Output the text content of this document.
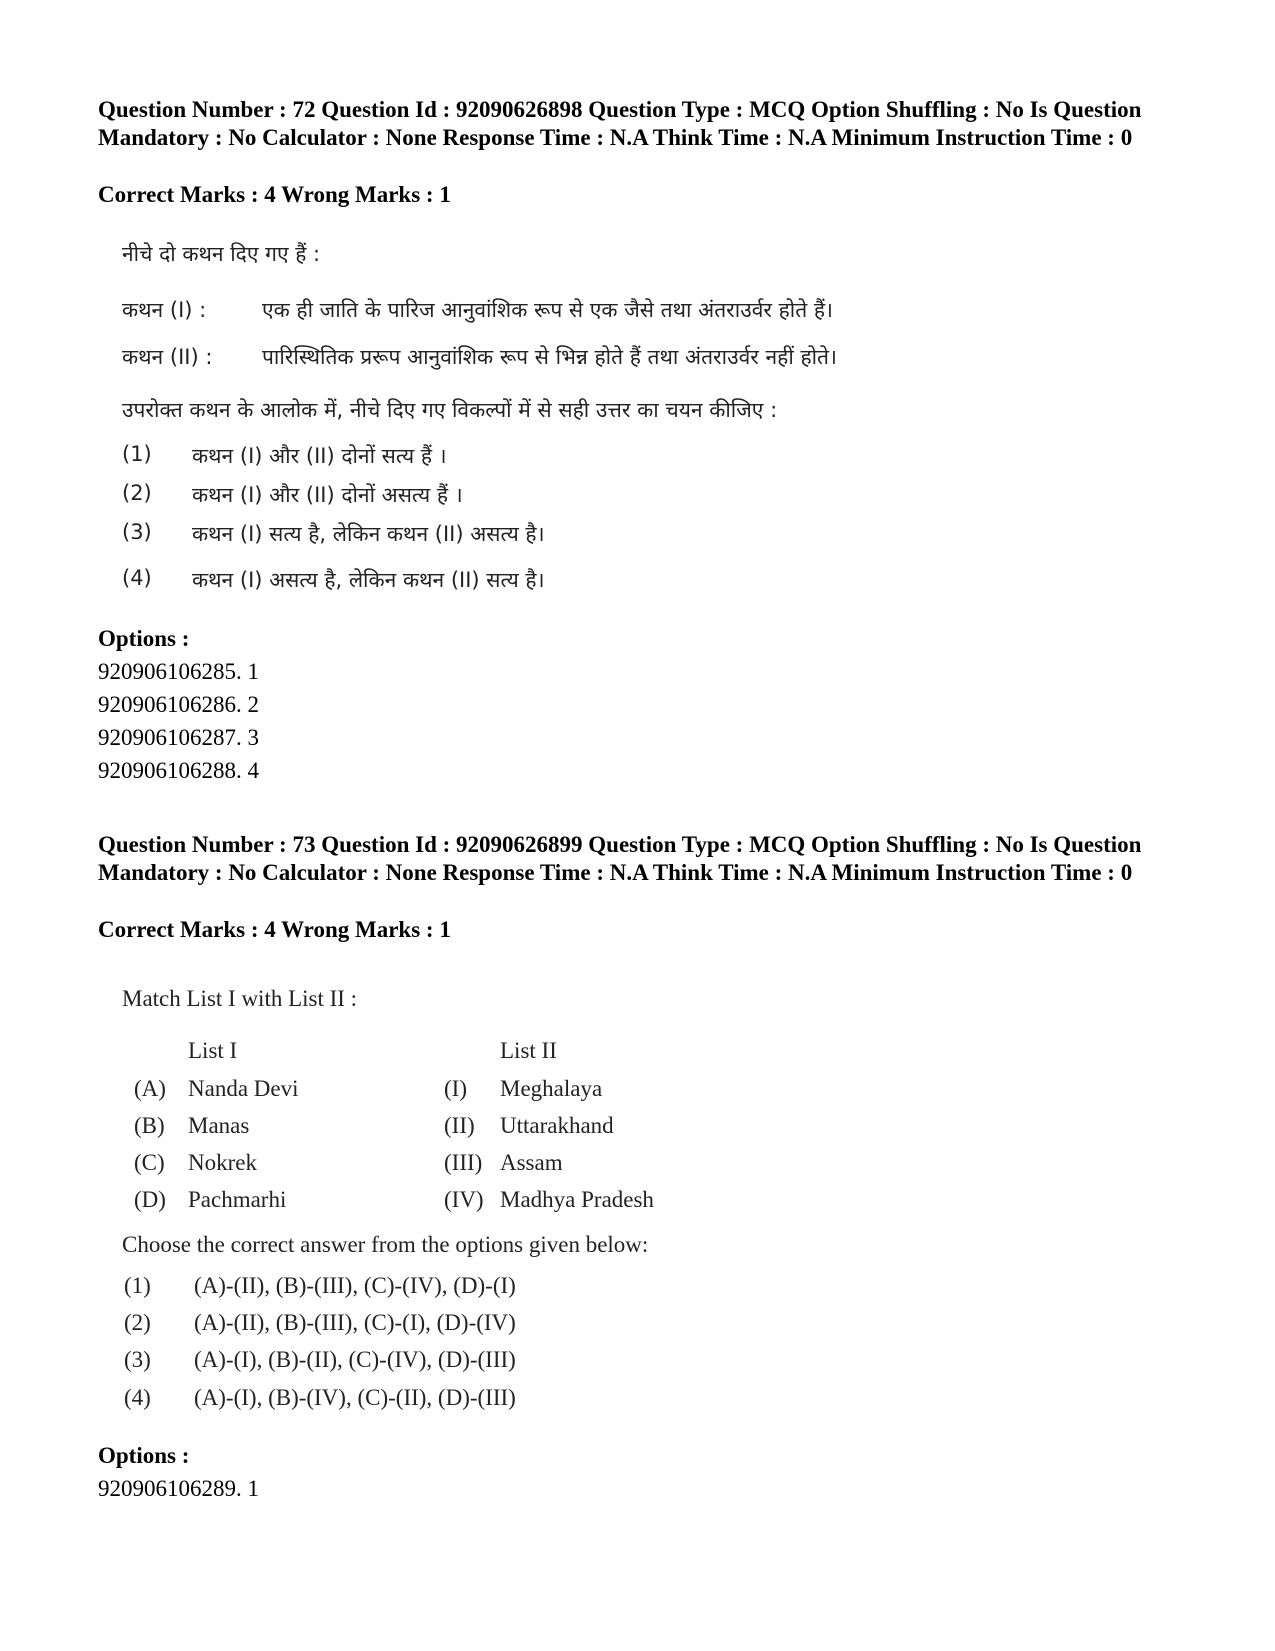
Question Number : 72 Question Id : 92090626898 Question Type : MCQ Option Shuffling : No Is Question Mandatory : No Calculator : None Response Time : N.A Think Time : N.A Minimum Instruction Time : 0
Correct Marks : 4 Wrong Marks : 1
नीचे दो कथन दिए गए हैं :
कथन (I) :	एक ही जाति के पारिज आनुवांशिक रूप से एक जैसे तथा अंतराउर्वर होते हैं।
कथन (II) : पारिस्थितिक प्ररूप आनुवांशिक रूप से भिन्न होते हैं तथा अंतराउर्वर नहीं होते।
उपरोक्त कथन के आलोक में, नीचे दिए गए विकल्पों में से सही उत्तर का चयन कीजिए :
(1) कथन (I) और (II) दोनों सत्य हैं ।
(2) कथन (I) और (II) दोनों असत्य हैं ।
(3) कथन (I) सत्य है, लेकिन कथन (II) असत्य है।
(4) कथन (I) असत्य है, लेकिन कथन (II) सत्य है।
Options :
920906106285. 1
920906106286. 2
920906106287. 3
920906106288. 4
Question Number : 73 Question Id : 92090626899 Question Type : MCQ Option Shuffling : No Is Question Mandatory : No Calculator : None Response Time : N.A Think Time : N.A Minimum Instruction Time : 0
Correct Marks : 4 Wrong Marks : 1
Match List I with List II :
List I	List II
(A) Nanda Devi	(I) Meghalaya
(B) Manas	(II) Uttarakhand
(C) Nokrek	(III) Assam
(D) Pachmarhi	(IV) Madhya Pradesh
Choose the correct answer from the options given below:
(1) (A)-(II), (B)-(III), (C)-(IV), (D)-(I)
(2) (A)-(II), (B)-(III), (C)-(I), (D)-(IV)
(3) (A)-(I), (B)-(II), (C)-(IV), (D)-(III)
(4) (A)-(I), (B)-(IV), (C)-(II), (D)-(III)
Options :
920906106289. 1
